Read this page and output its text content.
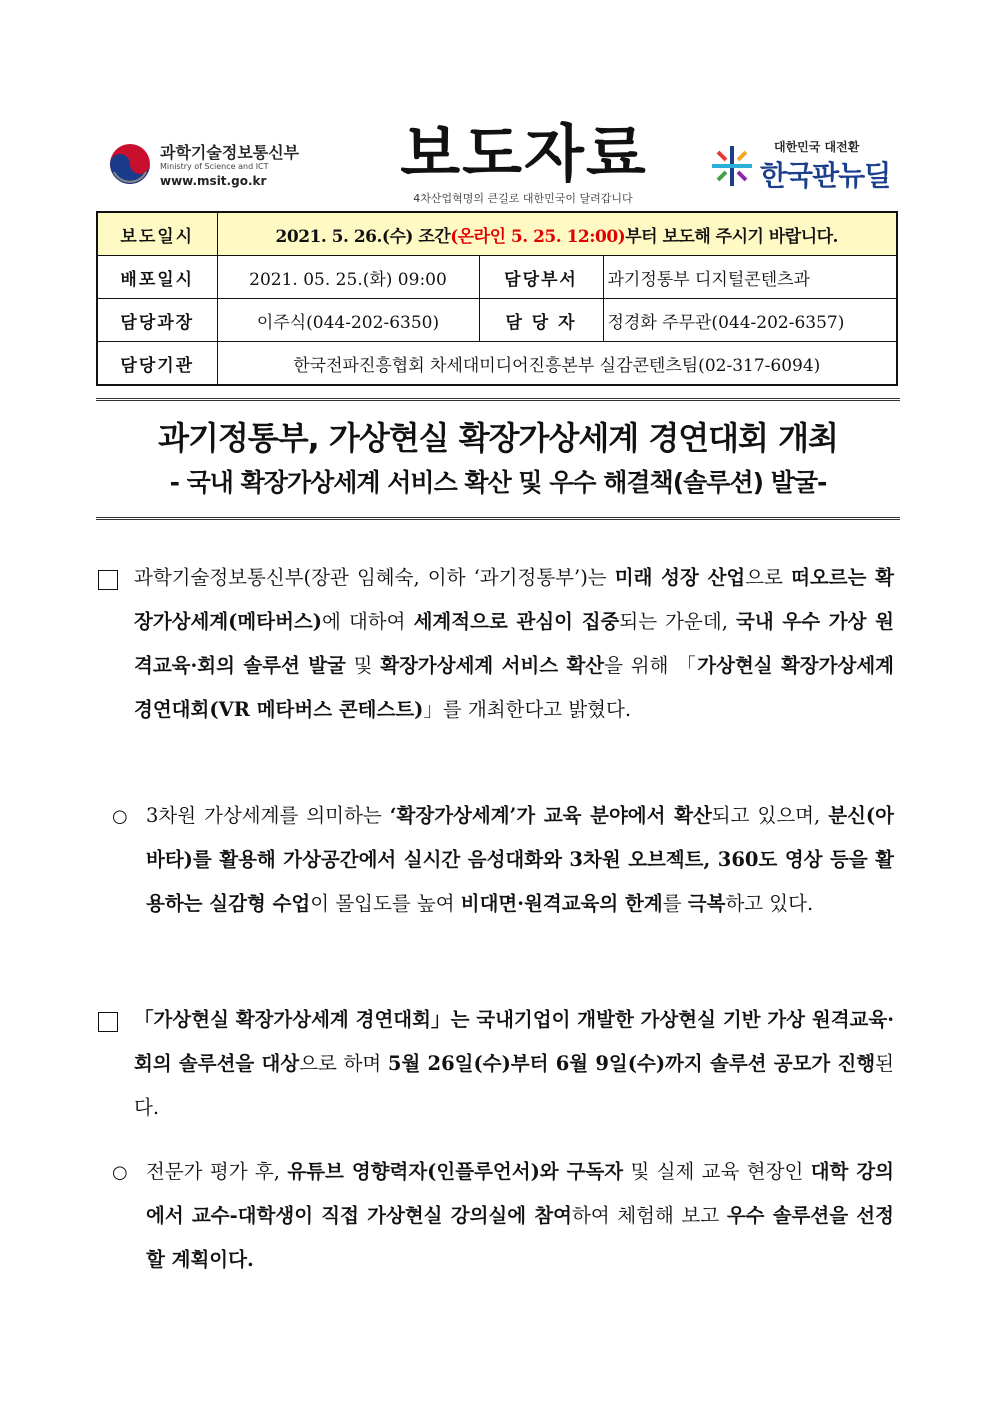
과학기술정보통신부
Ministry of Science and ICT
www.msit.go.kr 보도자료
4차산업혁명의 큰길로 대한민국이 달려갑니다
대한민국 대전환
한국판뉴딜
보도일시	2021. 5. 26.(수) 조간(온라인 5. 25. 12:00)부터 보도해 주시기 바랍니다.		
배포일시	2021. 05. 25.(화) 09:00	담당부서	과기정통부 디지털콘텐츠과
담당과장	이주식(044-202-6350)	담 당 자	정경화 주무관(044-202-6357)
담당기관	한국전파진흥협회 차세대미디어진흥본부 실감콘텐츠팀(02-317-6094)		
과기정통부, 가상현실 확장가상세계 경연대회 개최
- 국내 확장가상세계 서비스 확산 및 우수 해결책(솔루션) 발굴-
과학기술정보통신부(장관 임혜숙, 이하 ‘과기정통부’)는 미래 성장 산업으로 떠오르는 확장가상세계(메타버스)에 대하여 세계적으로 관심이 집중되는 가운데, 국내 우수 가상 원격교육·회의 솔루션 발굴 및 확장가상세계 서비스 확산을 위해 「가상현실 확장가상세계 경연대회(VR 메타버스 콘테스트)」를 개최한다고 밝혔다.
○ 3차원 가상세계를 의미하는 ‘확장가상세계’가 교육 분야에서 확산되고 있으며, 분신(아바타)를 활용해 가상공간에서 실시간 음성대화와 3차원 오브젝트, 360도 영상 등을 활용하는 실감형 수업이 몰입도를 높여 비대면·원격교육의 한계를 극복하고 있다.
「가상현실 확장가상세계 경연대회」는 국내기업이 개발한 가상현실 기반 가상 원격교육·회의 솔루션을 대상으로 하며 5월 26일(수)부터 6월 9일(수)까지 솔루션 공모가 진행된다.
○ 전문가 평가 후, 유튜브 영향력자(인플루언서)와 구독자 및 실제 교육 현장인 대학 강의에서 교수-대학생이 직접 가상현실 강의실에 참여하여 체험해 보고 우수 솔루션을 선정할 계획이다.
